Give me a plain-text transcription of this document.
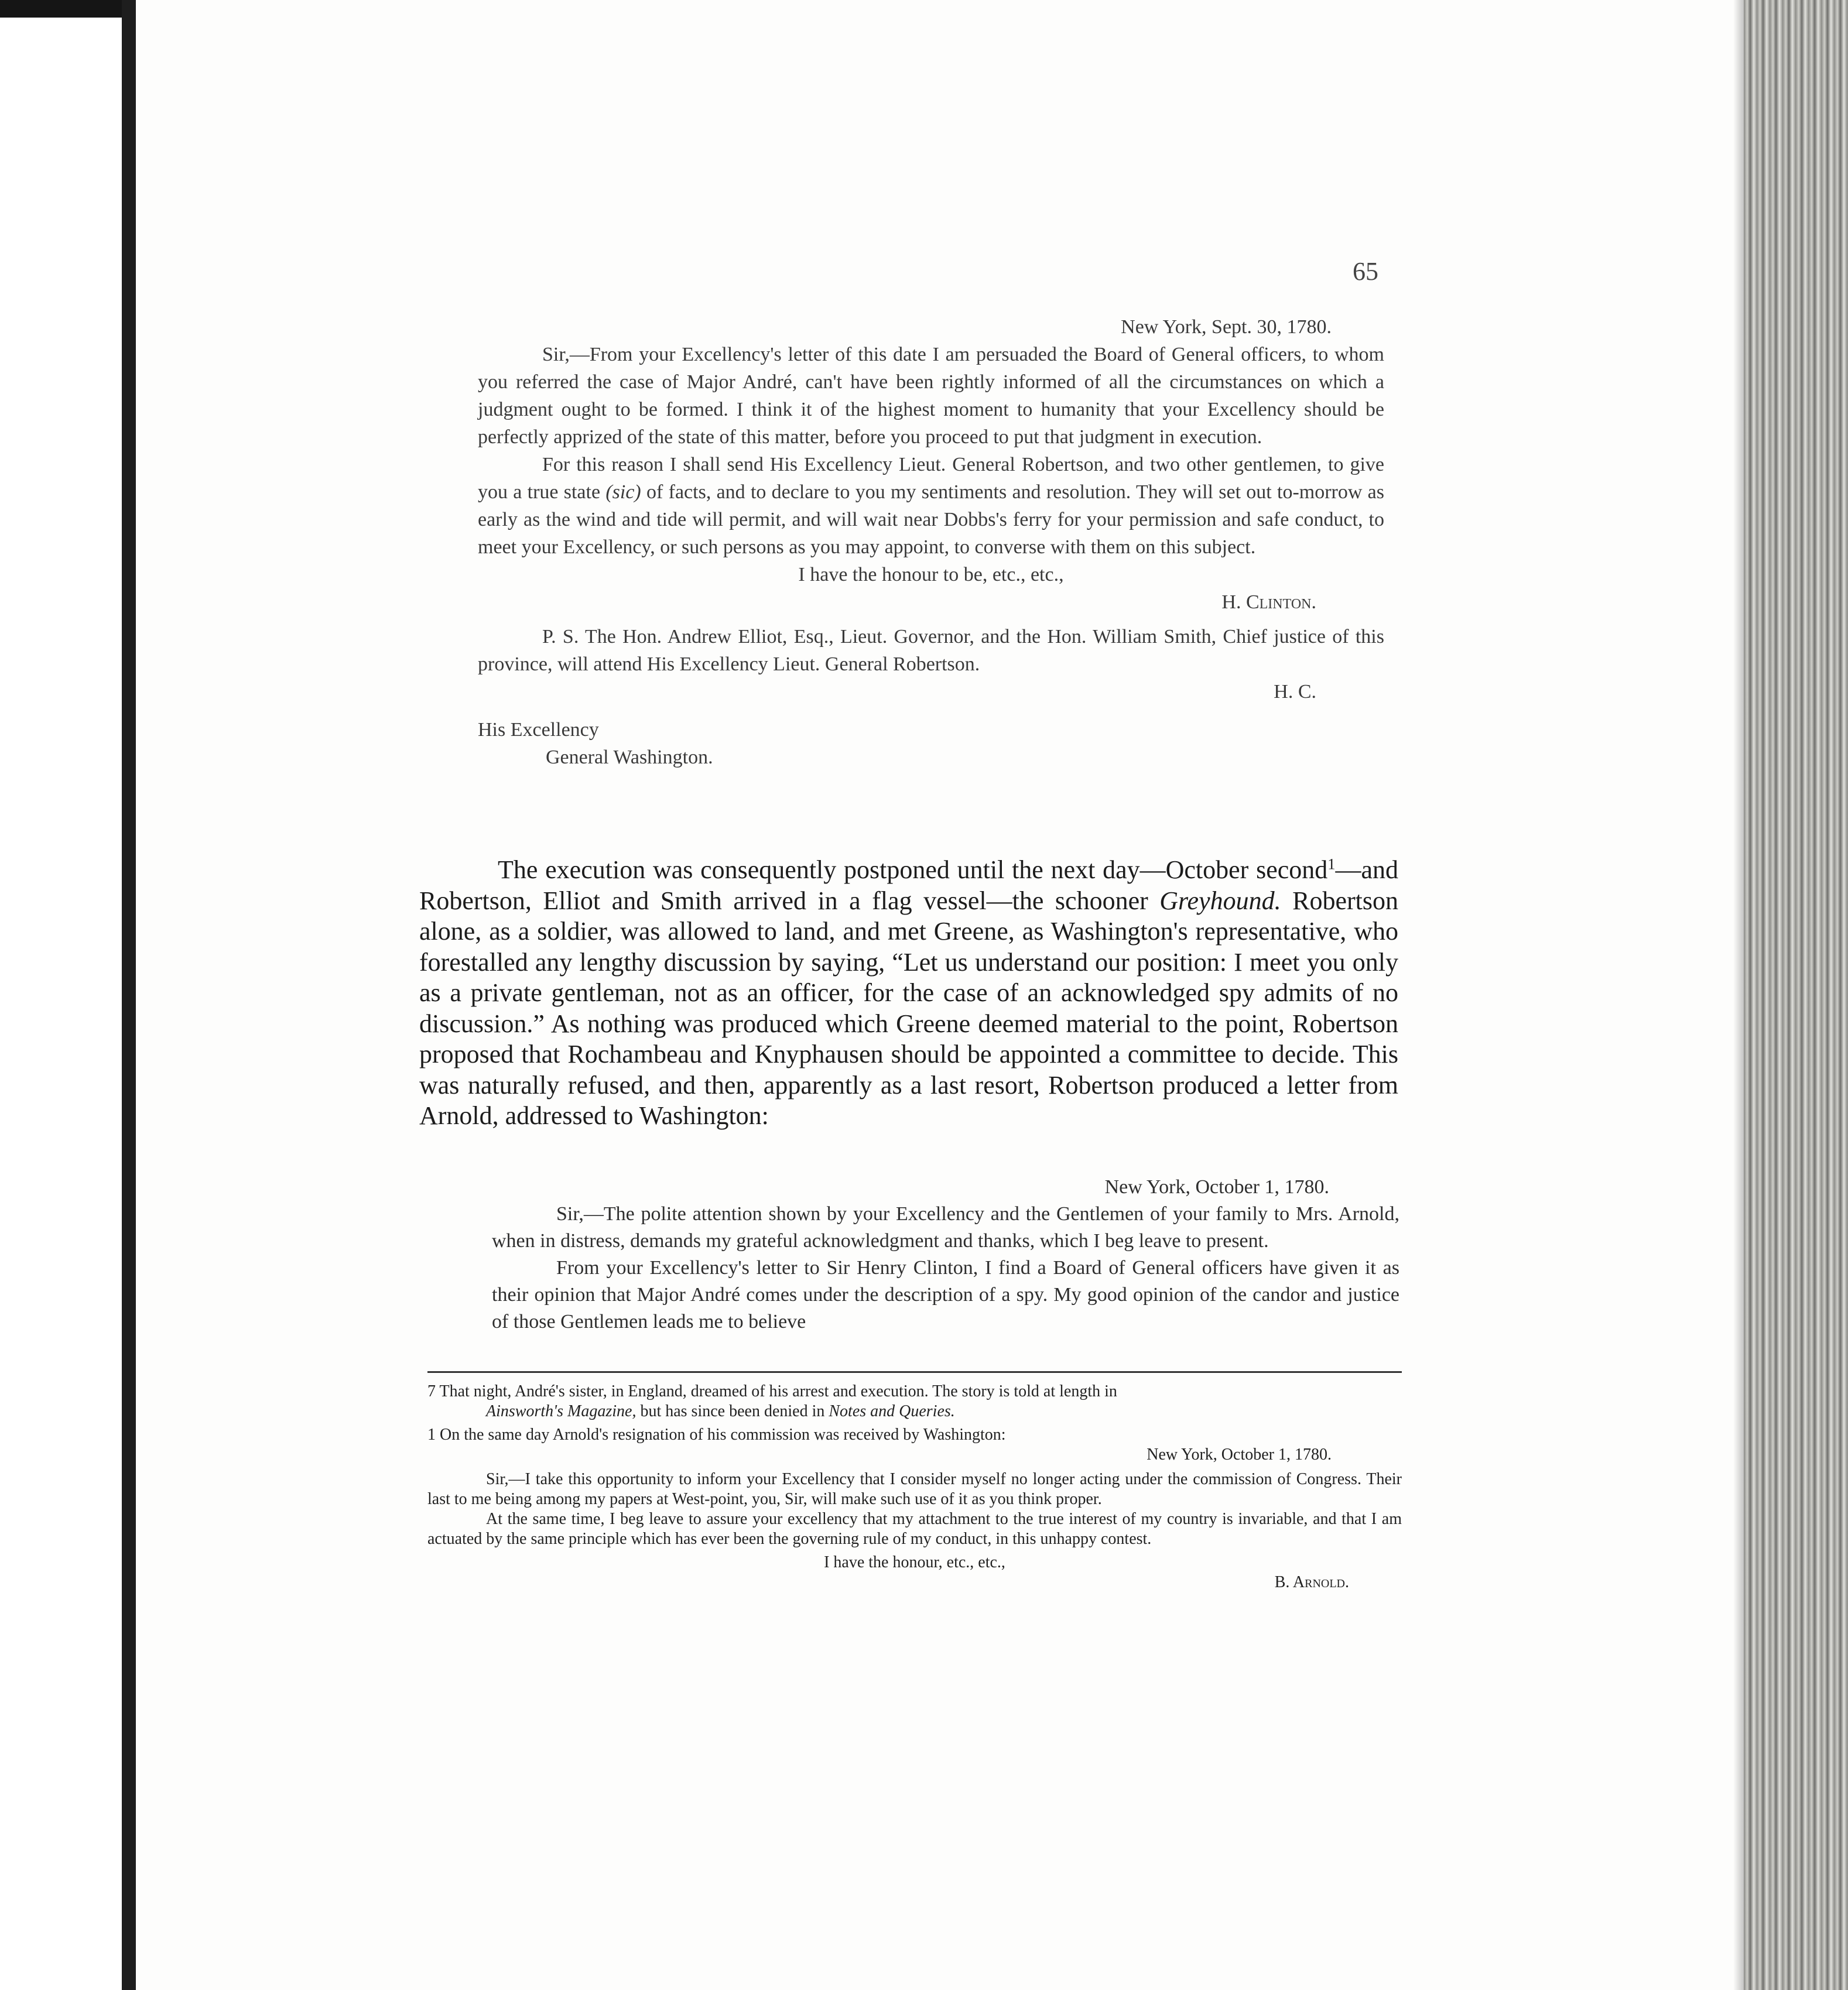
65

New York, Sept. 30, 1780.

Sir,—From your Excellency's letter of this date I am persuaded the Board of General officers, to whom you referred the case of Major André, can't have been rightly informed of all the circumstances on which a judgment ought to be formed. I think it of the highest moment to humanity that your Excellency should be perfectly apprized of the state of this matter, before you proceed to put that judgment in execution.

For this reason I shall send His Excellency Lieut. General Robertson, and two other gentlemen, to give you a true state (sic) of facts, and to declare to you my sentiments and resolution. They will set out to-morrow as early as the wind and tide will permit, and will wait near Dobbs's ferry for your permission and safe conduct, to meet your Excellency, or such persons as you may appoint, to converse with them on this subject.

I have the honour to be, etc., etc.,

H. Clinton.

P. S. The Hon. Andrew Elliot, Esq., Lieut. Governor, and the Hon. William Smith, Chief justice of this province, will attend His Excellency Lieut. General Robertson.

H. C.

His Excellency

General Washington.

The execution was consequently postponed until the next day—October second$^1$—and Robertson, Elliot and Smith arrived in a flag vessel—the schooner Greyhound. Robertson alone, as a soldier, was allowed to land, and met Greene, as Washington's representative, who forestalled any lengthy discussion by saying, “Let us understand our position: I meet you only as a private gentleman, not as an officer, for the case of an acknowledged spy admits of no discussion.” As nothing was produced which Greene deemed material to the point, Robertson proposed that Rochambeau and Knyphausen should be appointed a committee to decide. This was naturally refused, and then, apparently as a last resort, Robertson produced a letter from Arnold, addressed to Washington:

New York, October 1, 1780.

Sir,—The polite attention shown by your Excellency and the Gentlemen of your family to Mrs. Arnold, when in distress, demands my grateful acknowledgment and thanks, which I beg leave to present.

From your Excellency's letter to Sir Henry Clinton, I find a Board of General officers have given it as their opinion that Major André comes under the description of a spy. My good opinion of the candor and justice of those Gentlemen leads me to believe

7 That night, André's sister, in England, dreamed of his arrest and execution. The story is told at length in

Ainsworth's Magazine, but has since been denied in Notes and Queries.

1 On the same day Arnold's resignation of his commission was received by Washington:

New York, October 1, 1780.

Sir,—I take this opportunity to inform your Excellency that I consider myself no longer acting under the commission of Congress. Their last to me being among my papers at West-point, you, Sir, will make such use of it as you think proper.

At the same time, I beg leave to assure your excellency that my attachment to the true interest of my country is invariable, and that I am actuated by the same principle which has ever been the governing rule of my conduct, in this unhappy contest.

I have the honour, etc., etc.,

B. Arnold.
